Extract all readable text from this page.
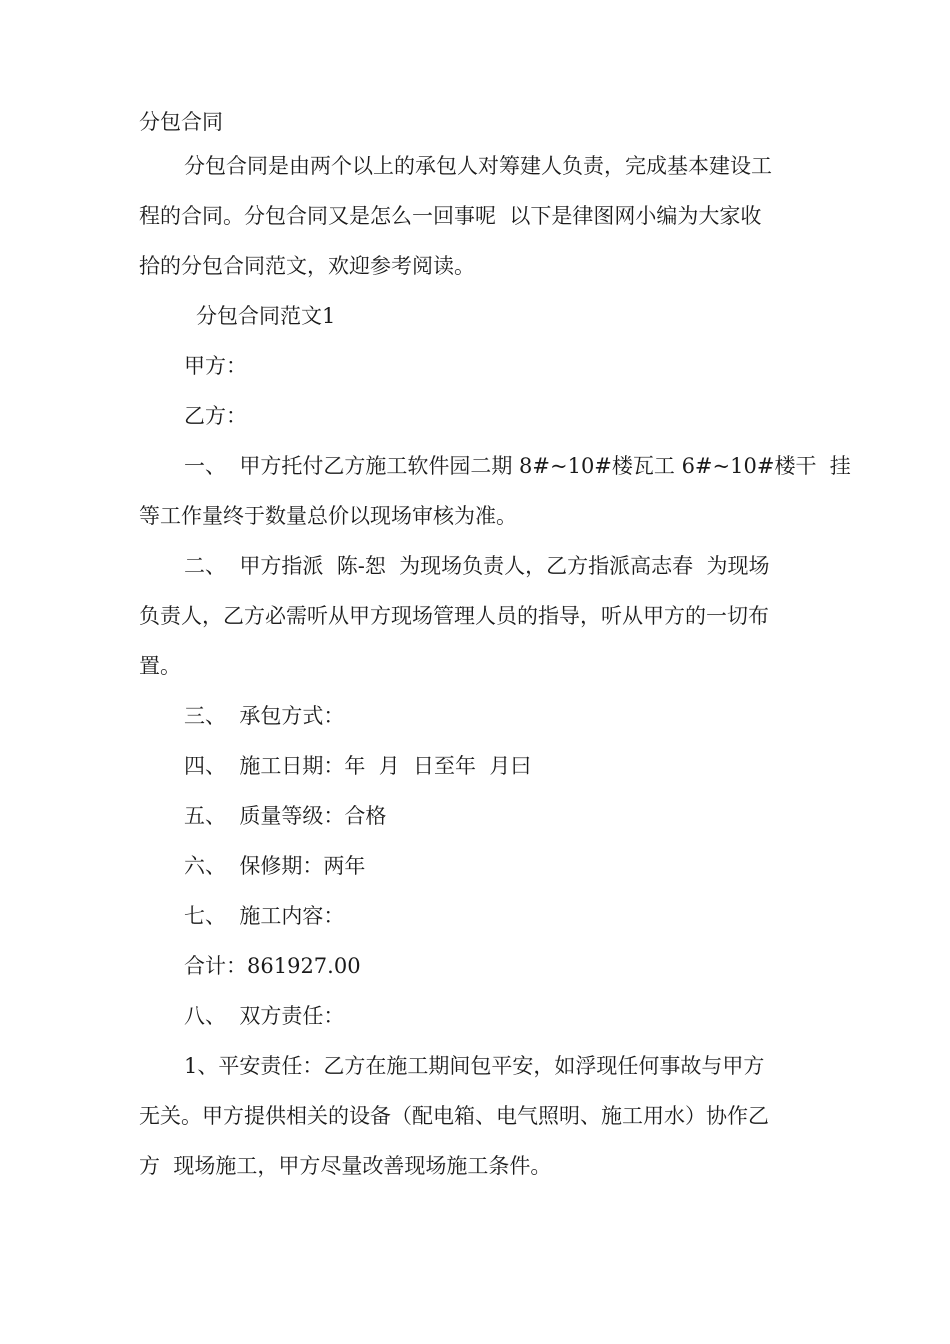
分包合同
分包合同是由两个以上的承包人对筹建人负责，完成基本建设工
程的合同。分包合同又是怎么一回事呢  以下是律图网小编为大家收
拾的分包合同范文，欢迎参考阅读。
分包合同范文1
甲方：
乙方：
一、  甲方托付乙方施工软件园二期 8#~10#楼瓦工 6#~10#楼干  挂
等工作量终于数量总价以现场审核为准。
二、  甲方指派  陈-恕  为现场负责人，乙方指派高志春  为现场
负责人，乙方必需听从甲方现场管理人员的指导，听从甲方的一切布
置。
三、  承包方式：
四、  施工日期：年  月  日至年  月曰
五、  质量等级：合格
六、  保修期：两年
七、  施工内容：
合计：861927.00
八、  双方责任：
1、平安责任：乙方在施工期间包平安，如浮现任何事故与甲方
无关。甲方提供相关的设备（配电箱、电气照明、施工用水）协作乙
方  现场施工，甲方尽量改善现场施工条件。
